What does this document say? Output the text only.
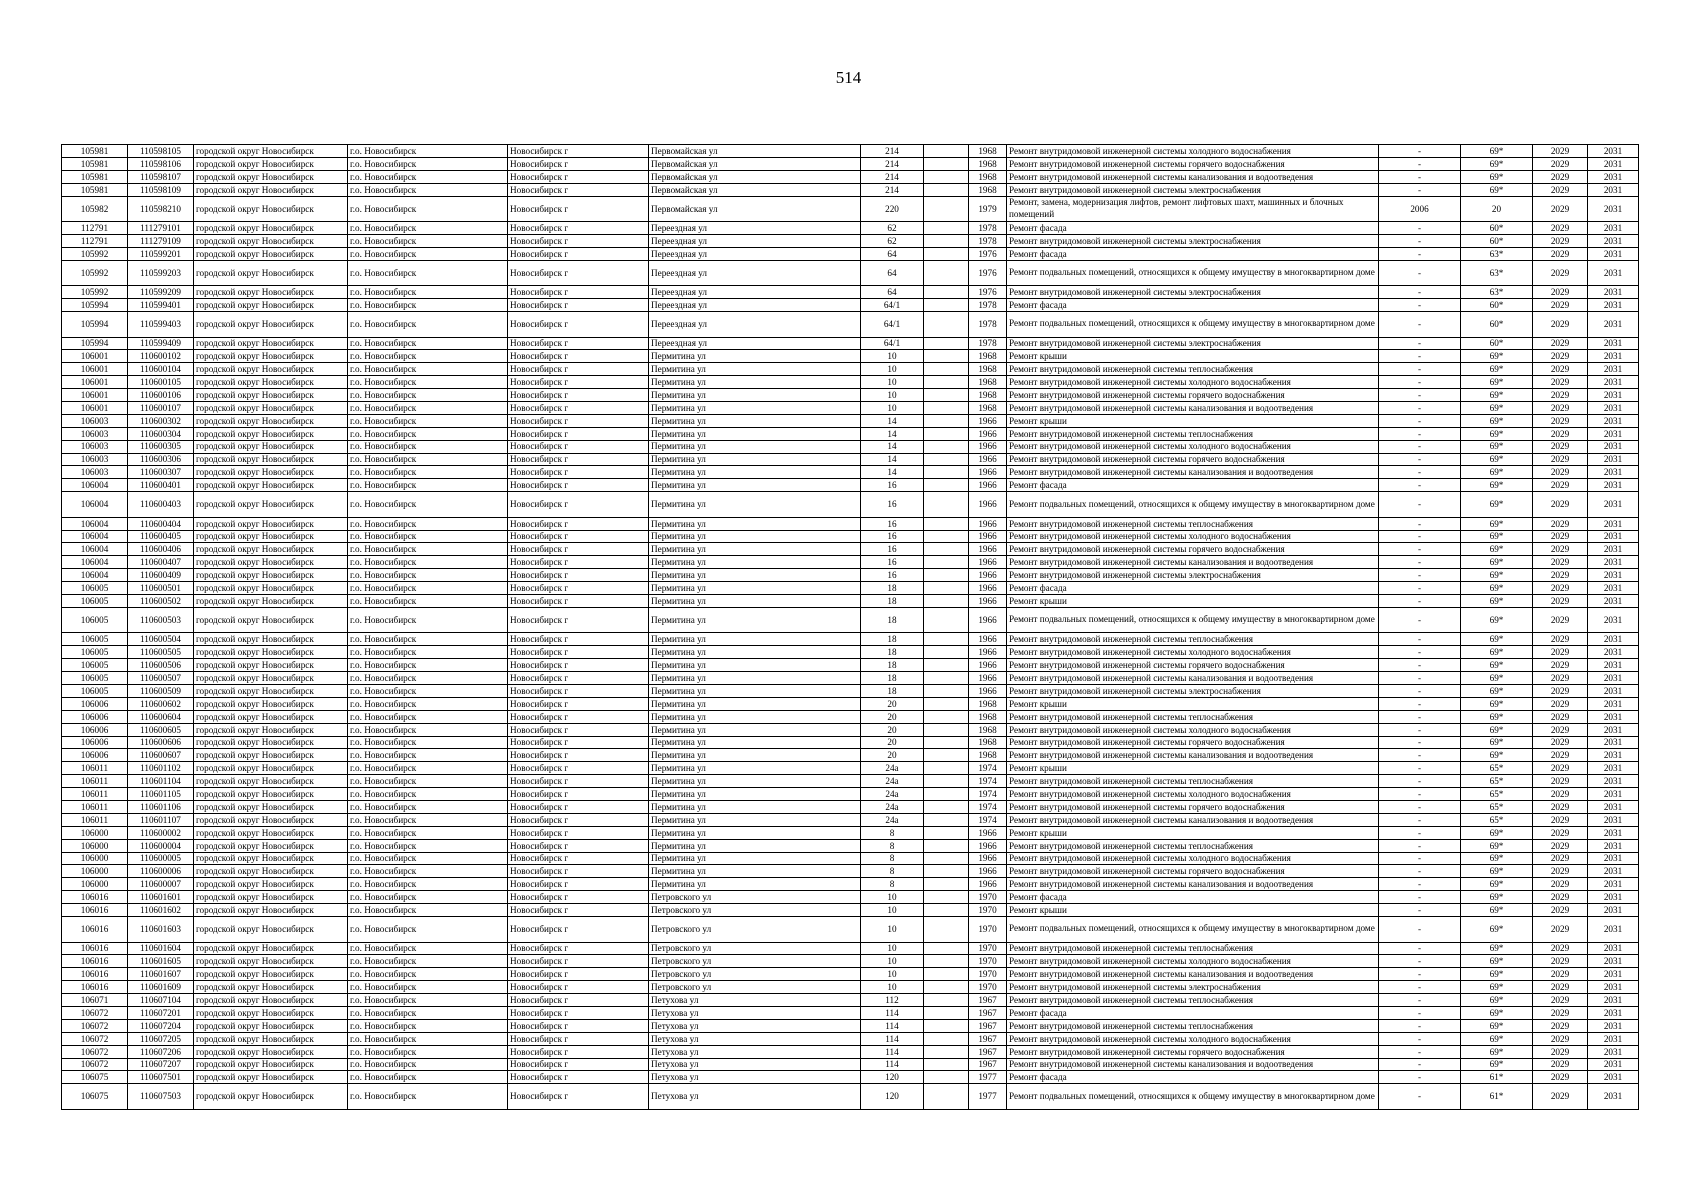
514
105981	110598105	городской округ Новосибирск	г.о. Новосибирск	Новосибирск г	Первомайская ул	214		1968	Ремонт внутридомовой инженерной системы холодного водоснабжения	-	69*	2029	2031
105981	110598106	городской округ Новосибирск	г.о. Новосибирск	Новосибирск г	Первомайская ул	214		1968	Ремонт внутридомовой инженерной системы горячего водоснабжения	-	69*	2029	2031
105981	110598107	городской округ Новосибирск	г.о. Новосибирск	Новосибирск г	Первомайская ул	214		1968	Ремонт внутридомовой инженерной системы канализования и водоотведения	-	69*	2029	2031
105981	110598109	городской округ Новосибирск	г.о. Новосибирск	Новосибирск г	Первомайская ул	214		1968	Ремонт внутридомовой инженерной системы электроснабжения	-	69*	2029	2031
105982	110598210	городской округ Новосибирск	г.о. Новосибирск	Новосибирск г	Первомайская ул	220		1979	Ремонт, замена, модернизация лифтов, ремонт лифтовых шахт, машинных и блочных помещений	2006	20	2029	2031
112791	111279101	городской округ Новосибирск	г.о. Новосибирск	Новосибирск г	Переездная ул	62		1978	Ремонт фасада	-	60*	2029	2031
112791	111279109	городской округ Новосибирск	г.о. Новосибирск	Новосибирск г	Переездная ул	62		1978	Ремонт внутридомовой инженерной системы электроснабжения	-	60*	2029	2031
105992	110599201	городской округ Новосибирск	г.о. Новосибирск	Новосибирск г	Переездная ул	64		1976	Ремонт фасада	-	63*	2029	2031
105992	110599203	городской округ Новосибирск	г.о. Новосибирск	Новосибирск г	Переездная ул	64		1976	Ремонт подвальных помещений, относящихся к общему имуществу в многоквартирном доме	-	63*	2029	2031
105992	110599209	городской округ Новосибирск	г.о. Новосибирск	Новосибирск г	Переездная ул	64		1976	Ремонт внутридомовой инженерной системы электроснабжения	-	63*	2029	2031
105994	110599401	городской округ Новосибирск	г.о. Новосибирск	Новосибирск г	Переездная ул	64/1		1978	Ремонт фасада	-	60*	2029	2031
105994	110599403	городской округ Новосибирск	г.о. Новосибирск	Новосибирск г	Переездная ул	64/1		1978	Ремонт подвальных помещений, относящихся к общему имуществу в многоквартирном доме	-	60*	2029	2031
105994	110599409	городской округ Новосибирск	г.о. Новосибирск	Новосибирск г	Переездная ул	64/1		1978	Ремонт внутридомовой инженерной системы электроснабжения	-	60*	2029	2031
106001	110600102	городской округ Новосибирск	г.о. Новосибирск	Новосибирск г	Пермитина ул	10		1968	Ремонт крыши	-	69*	2029	2031
106001	110600104	городской округ Новосибирск	г.о. Новосибирск	Новосибирск г	Пермитина ул	10		1968	Ремонт внутридомовой инженерной системы теплоснабжения	-	69*	2029	2031
106001	110600105	городской округ Новосибирск	г.о. Новосибирск	Новосибирск г	Пермитина ул	10		1968	Ремонт внутридомовой инженерной системы холодного водоснабжения	-	69*	2029	2031
106001	110600106	городской округ Новосибирск	г.о. Новосибирск	Новосибирск г	Пермитина ул	10		1968	Ремонт внутридомовой инженерной системы горячего водоснабжения	-	69*	2029	2031
106001	110600107	городской округ Новосибирск	г.о. Новосибирск	Новосибирск г	Пермитина ул	10		1968	Ремонт внутридомовой инженерной системы канализования и водоотведения	-	69*	2029	2031
106003	110600302	городской округ Новосибирск	г.о. Новосибирск	Новосибирск г	Пермитина ул	14		1966	Ремонт крыши	-	69*	2029	2031
106003	110600304	городской округ Новосибирск	г.о. Новосибирск	Новосибирск г	Пермитина ул	14		1966	Ремонт внутридомовой инженерной системы теплоснабжения	-	69*	2029	2031
106003	110600305	городской округ Новосибирск	г.о. Новосибирск	Новосибирск г	Пермитина ул	14		1966	Ремонт внутридомовой инженерной системы холодного водоснабжения	-	69*	2029	2031
106003	110600306	городской округ Новосибирск	г.о. Новосибирск	Новосибирск г	Пермитина ул	14		1966	Ремонт внутридомовой инженерной системы горячего водоснабжения	-	69*	2029	2031
106003	110600307	городской округ Новосибирск	г.о. Новосибирск	Новосибирск г	Пермитина ул	14		1966	Ремонт внутридомовой инженерной системы канализования и водоотведения	-	69*	2029	2031
106004	110600401	городской округ Новосибирск	г.о. Новосибирск	Новосибирск г	Пермитина ул	16		1966	Ремонт фасада	-	69*	2029	2031
106004	110600403	городской округ Новосибирск	г.о. Новосибирск	Новосибирск г	Пермитина ул	16		1966	Ремонт подвальных помещений, относящихся к общему имуществу в многоквартирном доме	-	69*	2029	2031
106004	110600404	городской округ Новосибирск	г.о. Новосибирск	Новосибирск г	Пермитина ул	16		1966	Ремонт внутридомовой инженерной системы теплоснабжения	-	69*	2029	2031
106004	110600405	городской округ Новосибирск	г.о. Новосибирск	Новосибирск г	Пермитина ул	16		1966	Ремонт внутридомовой инженерной системы холодного водоснабжения	-	69*	2029	2031
106004	110600406	городской округ Новосибирск	г.о. Новосибирск	Новосибирск г	Пермитина ул	16		1966	Ремонт внутридомовой инженерной системы горячего водоснабжения	-	69*	2029	2031
106004	110600407	городской округ Новосибирск	г.о. Новосибирск	Новосибирск г	Пермитина ул	16		1966	Ремонт внутридомовой инженерной системы канализования и водоотведения	-	69*	2029	2031
106004	110600409	городской округ Новосибирск	г.о. Новосибирск	Новосибирск г	Пермитина ул	16		1966	Ремонт внутридомовой инженерной системы электроснабжения	-	69*	2029	2031
106005	110600501	городской округ Новосибирск	г.о. Новосибирск	Новосибирск г	Пермитина ул	18		1966	Ремонт фасада	-	69*	2029	2031
106005	110600502	городской округ Новосибирск	г.о. Новосибирск	Новосибирск г	Пермитина ул	18		1966	Ремонт крыши	-	69*	2029	2031
106005	110600503	городской округ Новосибирск	г.о. Новосибирск	Новосибирск г	Пермитина ул	18		1966	Ремонт подвальных помещений, относящихся к общему имуществу в многоквартирном доме	-	69*	2029	2031
106005	110600504	городской округ Новосибирск	г.о. Новосибирск	Новосибирск г	Пермитина ул	18		1966	Ремонт внутридомовой инженерной системы теплоснабжения	-	69*	2029	2031
106005	110600505	городской округ Новосибирск	г.о. Новосибирск	Новосибирск г	Пермитина ул	18		1966	Ремонт внутридомовой инженерной системы холодного водоснабжения	-	69*	2029	2031
106005	110600506	городской округ Новосибирск	г.о. Новосибирск	Новосибирск г	Пермитина ул	18		1966	Ремонт внутридомовой инженерной системы горячего водоснабжения	-	69*	2029	2031
106005	110600507	городской округ Новосибирск	г.о. Новосибирск	Новосибирск г	Пермитина ул	18		1966	Ремонт внутридомовой инженерной системы канализования и водоотведения	-	69*	2029	2031
106005	110600509	городской округ Новосибирск	г.о. Новосибирск	Новосибирск г	Пермитина ул	18		1966	Ремонт внутридомовой инженерной системы электроснабжения	-	69*	2029	2031
106006	110600602	городской округ Новосибирск	г.о. Новосибирск	Новосибирск г	Пермитина ул	20		1968	Ремонт крыши	-	69*	2029	2031
106006	110600604	городской округ Новосибирск	г.о. Новосибирск	Новосибирск г	Пермитина ул	20		1968	Ремонт внутридомовой инженерной системы теплоснабжения	-	69*	2029	2031
106006	110600605	городской округ Новосибирск	г.о. Новосибирск	Новосибирск г	Пермитина ул	20		1968	Ремонт внутридомовой инженерной системы холодного водоснабжения	-	69*	2029	2031
106006	110600606	городской округ Новосибирск	г.о. Новосибирск	Новосибирск г	Пермитина ул	20		1968	Ремонт внутридомовой инженерной системы горячего водоснабжения	-	69*	2029	2031
106006	110600607	городской округ Новосибирск	г.о. Новосибирск	Новосибирск г	Пермитина ул	20		1968	Ремонт внутридомовой инженерной системы канализования и водоотведения	-	69*	2029	2031
106011	110601102	городской округ Новосибирск	г.о. Новосибирск	Новосибирск г	Пермитина ул	24а		1974	Ремонт крыши	-	65*	2029	2031
106011	110601104	городской округ Новосибирск	г.о. Новосибирск	Новосибирск г	Пермитина ул	24а		1974	Ремонт внутридомовой инженерной системы теплоснабжения	-	65*	2029	2031
106011	110601105	городской округ Новосибирск	г.о. Новосибирск	Новосибирск г	Пермитина ул	24а		1974	Ремонт внутридомовой инженерной системы холодного водоснабжения	-	65*	2029	2031
106011	110601106	городской округ Новосибирск	г.о. Новосибирск	Новосибирск г	Пермитина ул	24а		1974	Ремонт внутридомовой инженерной системы горячего водоснабжения	-	65*	2029	2031
106011	110601107	городской округ Новосибирск	г.о. Новосибирск	Новосибирск г	Пермитина ул	24а		1974	Ремонт внутридомовой инженерной системы канализования и водоотведения	-	65*	2029	2031
106000	110600002	городской округ Новосибирск	г.о. Новосибирск	Новосибирск г	Пермитина ул	8		1966	Ремонт крыши	-	69*	2029	2031
106000	110600004	городской округ Новосибирск	г.о. Новосибирск	Новосибирск г	Пермитина ул	8		1966	Ремонт внутридомовой инженерной системы теплоснабжения	-	69*	2029	2031
106000	110600005	городской округ Новосибирск	г.о. Новосибирск	Новосибирск г	Пермитина ул	8		1966	Ремонт внутридомовой инженерной системы холодного водоснабжения	-	69*	2029	2031
106000	110600006	городской округ Новосибирск	г.о. Новосибирск	Новосибирск г	Пермитина ул	8		1966	Ремонт внутридомовой инженерной системы горячего водоснабжения	-	69*	2029	2031
106000	110600007	городской округ Новосибирск	г.о. Новосибирск	Новосибирск г	Пермитина ул	8		1966	Ремонт внутридомовой инженерной системы канализования и водоотведения	-	69*	2029	2031
106016	110601601	городской округ Новосибирск	г.о. Новосибирск	Новосибирск г	Петровского ул	10		1970	Ремонт фасада	-	69*	2029	2031
106016	110601602	городской округ Новосибирск	г.о. Новосибирск	Новосибирск г	Петровского ул	10		1970	Ремонт крыши	-	69*	2029	2031
106016	110601603	городской округ Новосибирск	г.о. Новосибирск	Новосибирск г	Петровского ул	10		1970	Ремонт подвальных помещений, относящихся к общему имуществу в многоквартирном доме	-	69*	2029	2031
106016	110601604	городской округ Новосибирск	г.о. Новосибирск	Новосибирск г	Петровского ул	10		1970	Ремонт внутридомовой инженерной системы теплоснабжения	-	69*	2029	2031
106016	110601605	городской округ Новосибирск	г.о. Новосибирск	Новосибирск г	Петровского ул	10		1970	Ремонт внутридомовой инженерной системы холодного водоснабжения	-	69*	2029	2031
106016	110601607	городской округ Новосибирск	г.о. Новосибирск	Новосибирск г	Петровского ул	10		1970	Ремонт внутридомовой инженерной системы канализования и водоотведения	-	69*	2029	2031
106016	110601609	городской округ Новосибирск	г.о. Новосибирск	Новосибирск г	Петровского ул	10		1970	Ремонт внутридомовой инженерной системы электроснабжения	-	69*	2029	2031
106071	110607104	городской округ Новосибирск	г.о. Новосибирск	Новосибирск г	Петухова ул	112		1967	Ремонт внутридомовой инженерной системы теплоснабжения	-	69*	2029	2031
106072	110607201	городской округ Новосибирск	г.о. Новосибирск	Новосибирск г	Петухова ул	114		1967	Ремонт фасада	-	69*	2029	2031
106072	110607204	городской округ Новосибирск	г.о. Новосибирск	Новосибирск г	Петухова ул	114		1967	Ремонт внутридомовой инженерной системы теплоснабжения	-	69*	2029	2031
106072	110607205	городской округ Новосибирск	г.о. Новосибирск	Новосибирск г	Петухова ул	114		1967	Ремонт внутридомовой инженерной системы холодного водоснабжения	-	69*	2029	2031
106072	110607206	городской округ Новосибирск	г.о. Новосибирск	Новосибирск г	Петухова ул	114		1967	Ремонт внутридомовой инженерной системы горячего водоснабжения	-	69*	2029	2031
106072	110607207	городской округ Новосибирск	г.о. Новосибирск	Новосибирск г	Петухова ул	114		1967	Ремонт внутридомовой инженерной системы канализования и водоотведения	-	69*	2029	2031
106075	110607501	городской округ Новосибирск	г.о. Новосибирск	Новосибирск г	Петухова ул	120		1977	Ремонт фасада	-	61*	2029	2031
106075	110607503	городской округ Новосибирск	г.о. Новосибирск	Новосибирск г	Петухова ул	120		1977	Ремонт подвальных помещений, относящихся к общему имуществу в многоквартирном доме	-	61*	2029	2031
